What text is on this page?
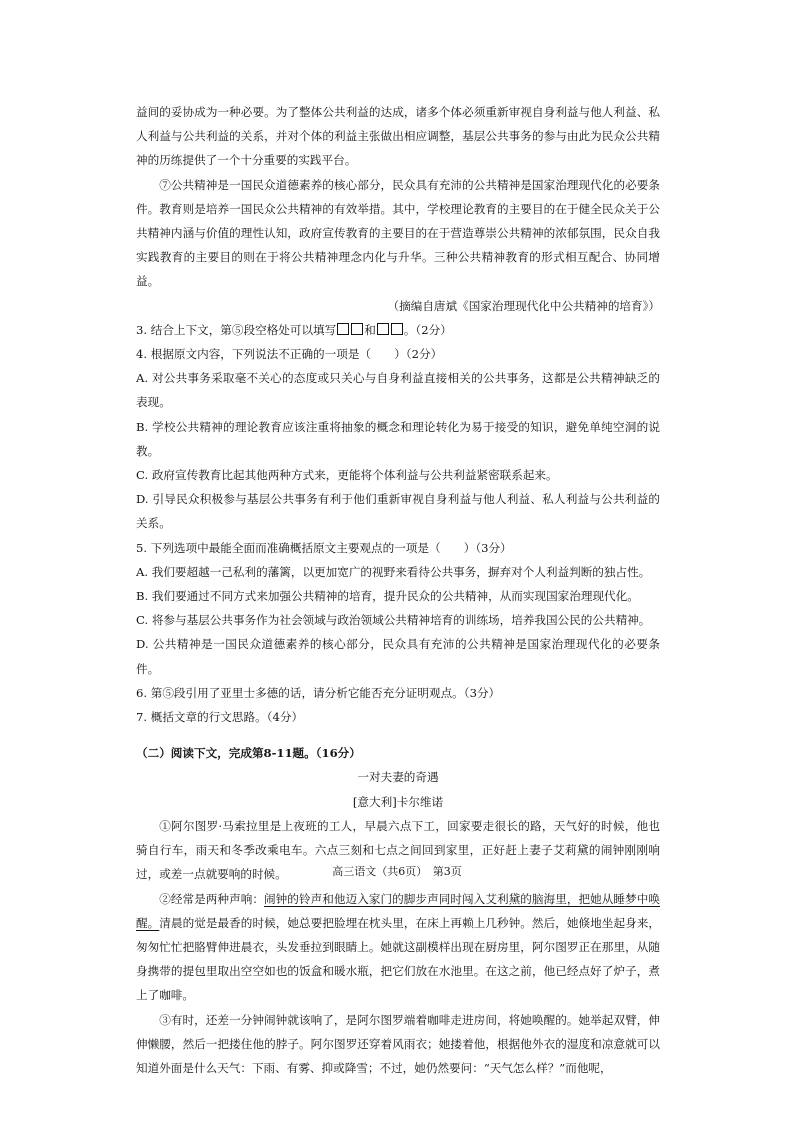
益间的妥协成为一种必要。为了整体公共利益的达成，诸多个体必须重新审视自身利益与他人利益、私人利益与公共利益的关系，并对个体的利益主张做出相应调整，基层公共事务的参与由此为民众公共精神的历练提供了一个十分重要的实践平台。

⑦公共精神是一国民众道德素养的核心部分，民众具有充沛的公共精神是国家治理现代化的必要条件。教育则是培养一国民众公共精神的有效举措。其中，学校理论教育的主要目的在于健全民众关于公共精神内涵与价值的理性认知，政府宣传教育的主要目的在于营造尊崇公共精神的浓郁氛围，民众自我实践教育的主要目的则在于将公共精神理念内化与升华。三种公共精神教育的形式相互配合、协同增益。

（摘编自唐斌《国家治理现代化中公共精神的培育》）

3. 结合上下文，第⑤段空格处可以填写 和 。（2分）

4. 根据原文内容，下列说法不正确的一项是（　　）（2分）

A. 对公共事务采取毫不关心的态度或只关心与自身利益直接相关的公共事务，这都是公共精神缺乏的表现。

B. 学校公共精神的理论教育应该注重将抽象的概念和理论转化为易于接受的知识，避免单纯空洞的说教。

C. 政府宣传教育比起其他两种方式来，更能将个体利益与公共利益紧密联系起来。

D. 引导民众积极参与基层公共事务有利于他们重新审视自身利益与他人利益、私人利益与公共利益的关系。

5. 下列选项中最能全面而准确概括原文主要观点的一项是（　　）（3分）

A. 我们要超越一己私利的藩篱，以更加宽广的视野来看待公共事务，摒弃对个人利益判断的独占性。

B. 我们要通过不同方式来加强公共精神的培育，提升民众的公共精神，从而实现国家治理现代化。

C. 将参与基层公共事务作为社会领域与政治领域公共精神培育的训练场，培养我国公民的公共精神。

D. 公共精神是一国民众道德素养的核心部分，民众具有充沛的公共精神是国家治理现代化的必要条件。

6. 第⑤段引用了亚里士多德的话，请分析它能否充分证明观点。（3分）

7. 概括文章的行文思路。（4分）

（二）阅读下文，完成第8-11题。（16分）

一对夫妻的奇遇

[意大利]卡尔维诺

①阿尔图罗·马索拉里是上夜班的工人，早晨六点下工，回家要走很长的路，天气好的时候，他也骑自行车，雨天和冬季改乘电车。六点三刻和七点之间回到家里，正好赶上妻子艾莉黛的闹钟刚刚响过，或差一点就要响的时候。

②经常是两种声响：闹钟的铃声和他迈入家门的脚步声同时闯入艾利黛的脑海里，把她从睡梦中唤醒。清晨的觉是最香的时候，她总要把脸埋在枕头里，在床上再赖上几秒钟。然后，她倏地坐起身来，匆匆忙忙把胳臂伸进晨衣，头发垂拉到眼睛上。她就这副模样出现在厨房里，阿尔图罗正在那里，从随身携带的提包里取出空空如也的饭盒和暖水瓶，把它们放在水池里。在这之前，他已经点好了炉子，煮上了咖啡。

③有时，还差一分钟闹钟就该响了，是阿尔图罗端着咖啡走进房间，将她唤醒的。她举起双臂，伸伸懒腰，然后一把搂住他的脖子。阿尔图罗还穿着风雨衣；她搂着他，根据他外衣的湿度和凉意就可以知道外面是什么天气：下雨、有雾、抑或降雪；不过，她仍然要问：“天气怎么样？”而他呢，

高三语文（共6页）　第3页
